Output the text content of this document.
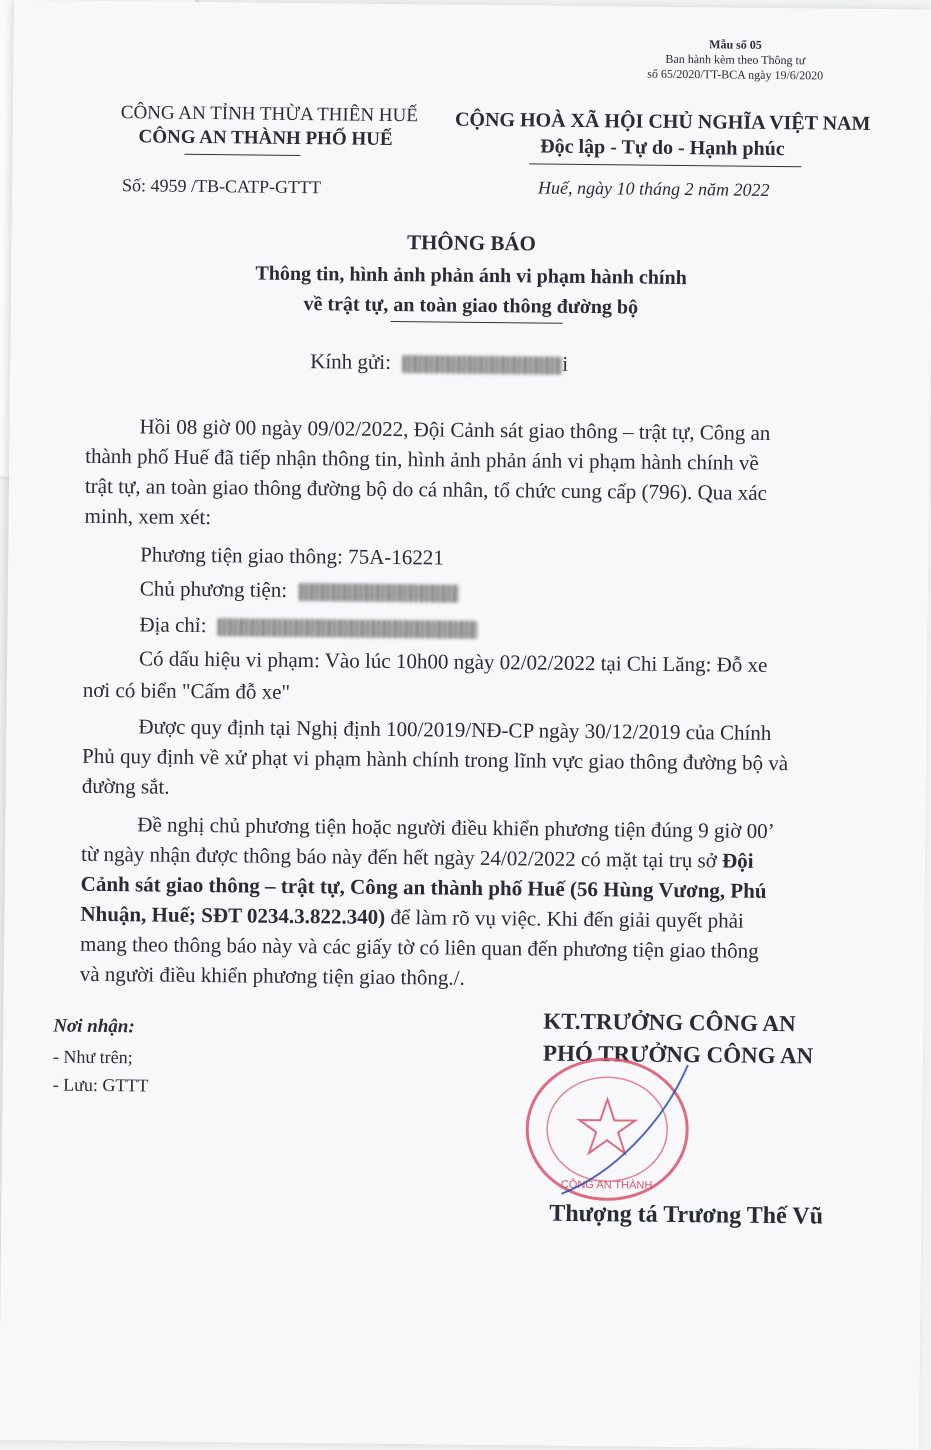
Mẫu số 05
Ban hành kèm theo Thông tư
số 65/2020/TT-BCA ngày 19/6/2020
CÔNG AN TỈNH THỪA THIÊN HUẾ
CÔNG AN THÀNH PHỐ HUẾ
CỘNG HOÀ XÃ HỘI CHỦ NGHĨA VIỆT NAM
Độc lập - Tự do - Hạnh phúc
Số: 4959 /TB-CATP-GTTT	Huế, ngày 10 tháng 2 năm 2022
THÔNG BÁO
Thông tin, hình ảnh phản ánh vi phạm hành chính
về trật tự, an toàn giao thông đường bộ
Kính gửi:	i
Hồi 08 giờ 00 ngày 09/02/2022, Đội Cảnh sát giao thông – trật tự, Công an
thành phố Huế đã tiếp nhận thông tin, hình ảnh phản ánh vi phạm hành chính về
trật tự, an toàn giao thông đường bộ do cá nhân, tổ chức cung cấp (796). Qua xác
minh, xem xét:
Phương tiện giao thông: 75A-16221
Chủ phương tiện:
Địa chỉ:
Có dấu hiệu vi phạm: Vào lúc 10h00 ngày 02/02/2022 tại Chi Lăng: Đỗ xe
nơi có biển "Cấm đỗ xe"
Được quy định tại Nghị định 100/2019/NĐ-CP ngày 30/12/2019 của Chính
Phủ quy định về xử phạt vi phạm hành chính trong lĩnh vực giao thông đường bộ và
đường sắt.
Đề nghị chủ phương tiện hoặc người điều khiển phương tiện đúng 9 giờ 00’
từ ngày nhận được thông báo này đến hết ngày 24/02/2022 có mặt tại trụ sở Đội
Cảnh sát giao thông – trật tự, Công an thành phố Huế (56 Hùng Vương, Phú
Nhuận, Huế; SĐT 0234.3.822.340) để làm rõ vụ việc. Khi đến giải quyết phải
mang theo thông báo này và các giấy tờ có liên quan đến phương tiện giao thông
và người điều khiển phương tiện giao thông./.
Nơi nhận:
- Như trên;
- Lưu: GTTT
KT.TRƯỞNG CÔNG AN
PHÓ TRƯỞNG CÔNG AN
CÔNG AN THÀNH
Thượng tá Trương Thế Vũ
